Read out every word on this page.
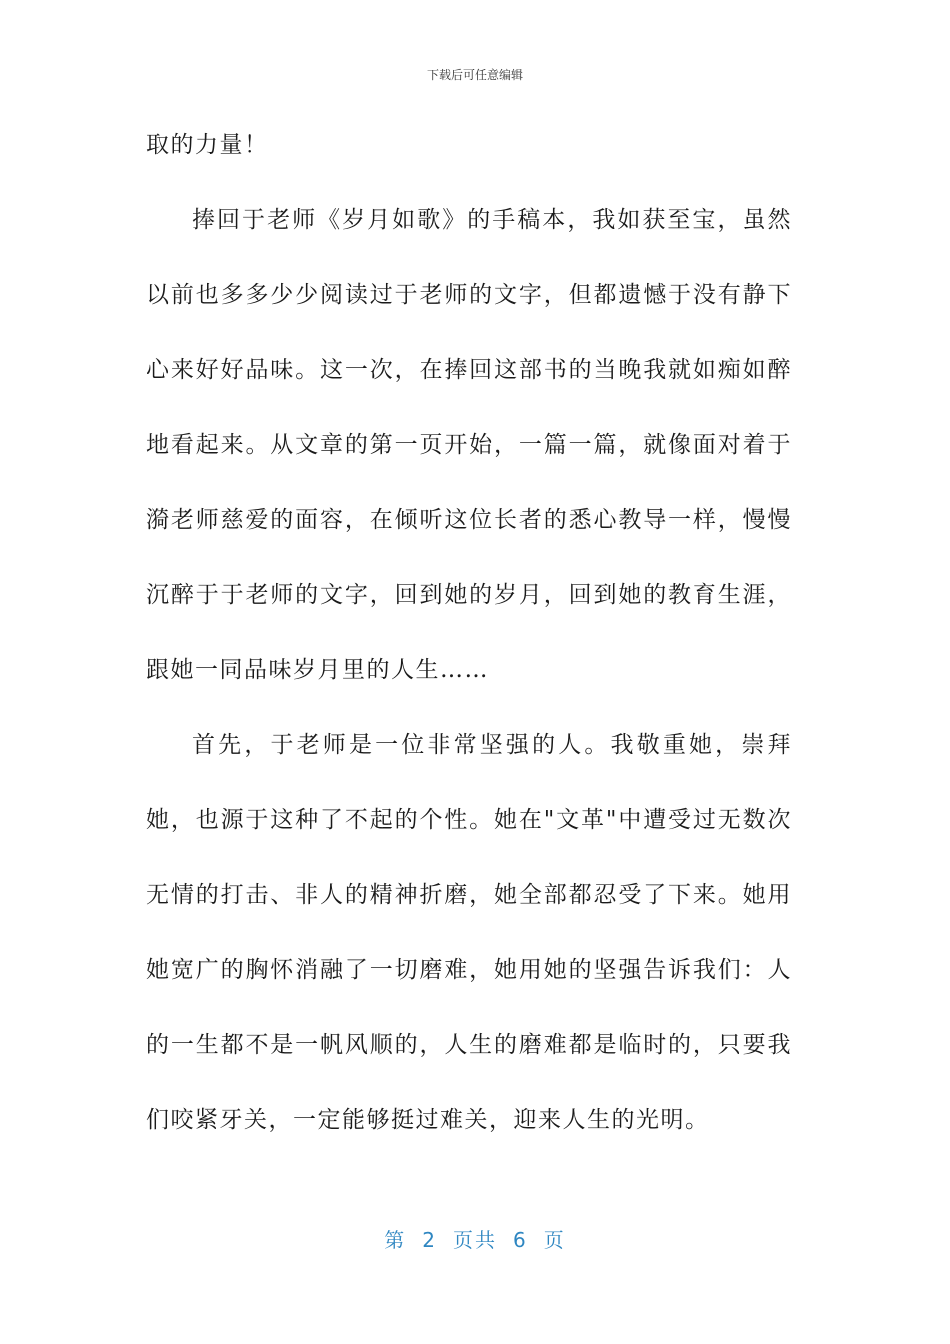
下载后可任意编辑

取的力量！

捧回于老师《岁月如歌》的手稿本，我如获至宝，虽然以前也多多少少阅读过于老师的文字，但都遗憾于没有静下心来好好品味。这一次，在捧回这部书的当晚我就如痴如醉地看起来。从文章的第一页开始，一篇一篇，就像面对着于漪老师慈爱的面容，在倾听这位长者的悉心教导一样，慢慢沉醉于于老师的文字，回到她的岁月，回到她的教育生涯，跟她一同品味岁月里的人生……

首先，于老师是一位非常坚强的人。我敬重她，崇拜她，也源于这种了不起的个性。她在"文革"中遭受过无数次无情的打击、非人的精神折磨，她全部都忍受了下来。她用她宽广的胸怀消融了一切磨难，她用她的坚强告诉我们：人的一生都不是一帆风顺的，人生的磨难都是临时的，只要我们咬紧牙关，一定能够挺过难关，迎来人生的光明。

第 2 页共 6 页
